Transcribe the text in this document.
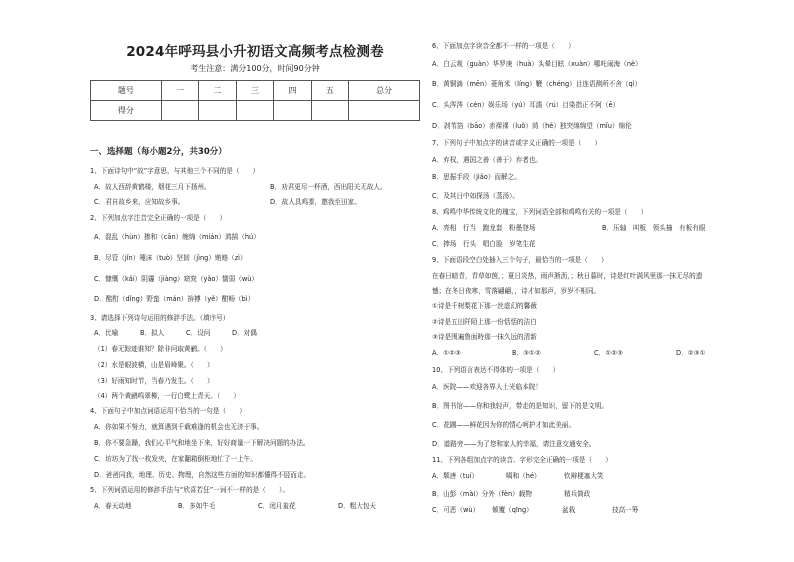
2024年呼玛县小升初语文高频考点检测卷
考生注意：满分100分，时间90分钟
题号	一	二	三	四	五	总分
得分						
一、选择题（每小题2分，共30分）
1、下面诗句中“故”字意思，与其他三个不同的是（　　）
A．故人西辞黄鹤楼，烟花三月下扬州。	B．劝君更尽一杯酒，西出阳关无故人。
C．君自故乡来，应知故乡事。	D．故人具鸡黍，邀我至田家。
2、下列加点字注音完全正确的一项是（　　）
A．混乱（hùn）掺和（cān）缠绵（mián）鸿鹄（hú）
B．尽管（jǐn）唾沫（tuò）坚韧（jìng）贿赂（zì）
C．慷慨（kǎi）阴霾（jiàng）窈窕（yǎo）懦弱（wù）
D．酩酊（dǐng）野蛮（mán）拚搏（yě）酣畅（bì）
3、请选择下列诗句运用的修辞手法。（填序号）
A．比喻	B．拟人	C．设问	D．对偶
（1）春无踪迹谁知？除非问取黄鹂。（　　）
（2）水是眼波横，山是眉峰聚。（　　）
（3）好雨知时节，当春乃发生。（　　）
（4）两个黄鹂鸣翠柳，一行白鹭上青天。（　　）
4、下面句子中加点词语运用不恰当的一句是（　　）
A．你如果不努力，就算遇到千载难逢的机会也无济于事。
B．你不要急躁，我们心平气和地坐下来，好好商量一下解决问题的办法。
C．坊坊为了找一枚发夹，在家翻箱倒柜地忙了一上午。
D．爸爸同我，地理、历史、物理，自然这些方面的知识都懂得不胫而走。
5、下列词语运用的修辞手法与“欣喜若狂”一词不一样的是（　　）。
A．春天动地	B．多如牛毛	C．闭月羞花	D．粗大包天
6、下面加点字读音全都不一样的一项是（　　）
A．白云观（guàn）华罗庚（huà）头晕目眩（xuàn）哪吒闹海（nè）
B．黄铜滴（mēn）菱角米（líng）鞭（chéng）目连语测所不舍（qì）
C．头涔涔（cén）娱乐场（yú）耳濡（rú）目染指正不阿（ē）
D．剥苇箔（bāo）赤裸裸（luǒ）苘（hé）独突绵绵望（mǐu）绵伦
7、下列句子中加点字的读音或字义正确的一项是（　　）
A．弃权，遇国之善（善于）弃者也。
B．思振手段（jiǎo）而解之。
C．及其日中如探汤（蒸汤）。
8、鸡鸣中华传统文化的瑰宝，下列词语全部和鸡鸣有关的一项是（　　）
A．亮相　行当　跑龙套　粉墨登场	B．压轴　叫板　领头撞　有板有眼
C．捧场　行头　唱白脸　岁笔生花
9、下面语段空白处插入三个句子，最恰当的一项是（　　）
在春日暗青，青草如茵，；夏日炎热，雨声淅沥，；秋日暮时，诗是红叶满风里那一抹无尽的遗
憾；在冬日夜寒，雪落翩翩，，诗才如那声，岁岁不相同。
①诗是千树梨花下那一丝虚幻的馨薇
②诗是五田阡陌上那一份恬恬的洁白
③诗是围遍鲁面時那一抹久远的清新
A．①②③	B．③①②	C．①②③	D．②③①
10、下列语言表达不得体的一项是（　　）
A．医院——欢迎各界人士光临本院！
B．图书馆——你和我轻声，带走的是知识，留下的是文明。
C．花圃——鲜花因为你的情心呵护才如此美丽。
D．道路旁——为了您和家人的幸福，请注意交通安全。
11、下列各组加点字的读音、字形完全正确的一项是（　　）
A．颓唐（tuí）	噶和（hé）	钦辩梗塞大笑
B．山彭（mài）分外（fèn）载物	精兵简政
C．可恶（wù） 倾覆（qīng）	盆栽	技高一筹
